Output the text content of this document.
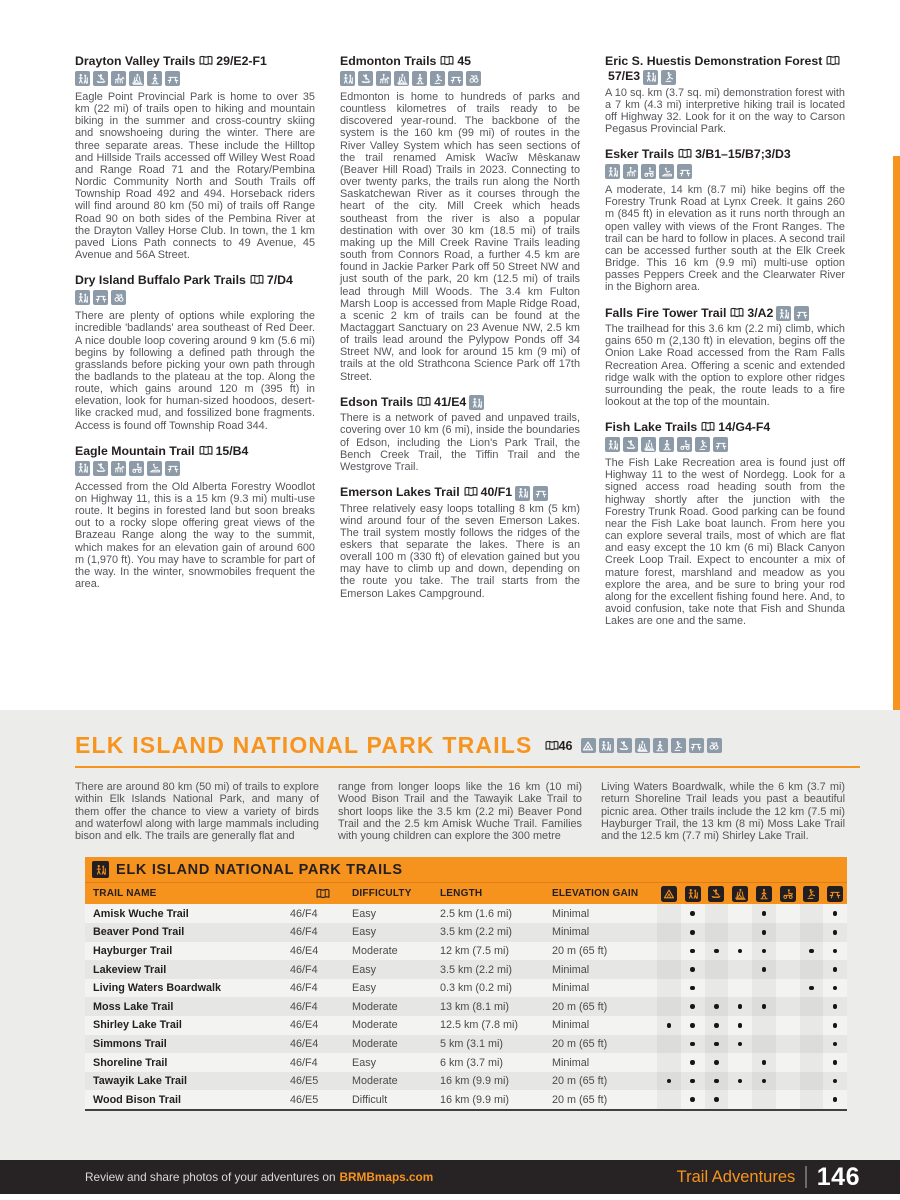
Drayton Valley Trails 29/E2-F1

Eagle Point Provincial Park is home to over 35 km (22 mi) of trails open to hiking and mountain biking in the summer and cross-country skiing and snowshoeing during the winter. There are three separate areas. These include the Hilltop and Hillside Trails accessed off Willey West Road and Range Road 71 and the Rotary/Pembina Nordic Community North and South Trails off Township Road 492 and 494. Horseback riders will find around 80 km (50 mi) of trails off Range Road 90 on both sides of the Pembina River at the Drayton Valley Horse Club. In town, the 1 km paved Lions Path connects to 49 Avenue, 45 Avenue and 56A Street.

Dry Island Buffalo Park Trails 7/D4

There are plenty of options while exploring the incredible 'badlands' area southeast of Red Deer. A nice double loop covering around 9 km (5.6 mi) begins by following a defined path through the grasslands before picking your own path through the badlands to the plateau at the top. Along the route, which gains around 120 m (395 ft) in elevation, look for human-sized hoodoos, desert-like cracked mud, and fossilized bone fragments. Access is found off Township Road 344.

Eagle Mountain Trail 15/B4

Accessed from the Old Alberta Forestry Woodlot on Highway 11, this is a 15 km (9.3 mi) multi-use route. It begins in forested land but soon breaks out to a rocky slope offering great views of the Brazeau Range along the way to the summit, which makes for an elevation gain of around 600 m (1,970 ft). You may have to scramble for part of the way. In the winter, snowmobiles frequent the area.

Edmonton Trails 45

Edmonton is home to hundreds of parks and countless kilometres of trails ready to be discovered year-round. The backbone of the system is the 160 km (99 mi) of routes in the River Valley System which has seen sections of the trail renamed Amisk Wacîw Mêskanaw (Beaver Hill Road) Trails in 2023. Connecting to over twenty parks, the trails run along the North Saskatchewan River as it courses through the heart of the city. Mill Creek which heads southeast from the river is also a popular destination with over 30 km (18.5 mi) of trails making up the Mill Creek Ravine Trails leading south from Connors Road, a further 4.5 km are found in Jackie Parker Park off 50 Street NW and just south of the park, 20 km (12.5 mi) of trails lead through Mill Woods. The 3.4 km Fulton Marsh Loop is accessed from Maple Ridge Road, a scenic 2 km of trails can be found at the Mactaggart Sanctuary on 23 Avenue NW, 2.5 km of trails lead around the Pylypow Ponds off 34 Street NW, and look for around 15 km (9 mi) of trails at the old Strathcona Science Park off 17th Street.

Edson Trails 41/E4

There is a network of paved and unpaved trails, covering over 10 km (6 mi), inside the boundaries of Edson, including the Lion's Park Trail, the Bench Creek Trail, the Tiffin Trail and the Westgrove Trail.

Emerson Lakes Trail 40/F1

Three relatively easy loops totalling 8 km (5 km) wind around four of the seven Emerson Lakes. The trail system mostly follows the ridges of the eskers that separate the lakes. There is an overall 100 m (330 ft) of elevation gained but you may have to climb up and down, depending on the route you take. The trail starts from the Emerson Lakes Campground.

Eric S. Huestis Demonstration Forest57/E3

A 10 sq. km (3.7 sq. mi) demonstration forest with a 7 km (4.3 mi) interpretive hiking trail is located off Highway 32. Look for it on the way to Carson Pegasus Provincial Park.

Esker Trails 3/B1–15/B7;3/D3

A moderate, 14 km (8.7 mi) hike begins off the Forestry Trunk Road at Lynx Creek. It gains 260 m (845 ft) in elevation as it runs north through an open valley with views of the Front Ranges. The trail can be hard to follow in places. A second trail can be accessed further south at the Elk Creek Bridge. This 16 km (9.9 mi) multi-use option passes Peppers Creek and the Clearwater River in the Bighorn area.

Falls Fire Tower Trail 3/A2

The trailhead for this 3.6 km (2.2 mi) climb, which gains 650 m (2,130 ft) in elevation, begins off the Onion Lake Road accessed from the Ram Falls Recreation Area. Offering a scenic and extended ridge walk with the option to explore other ridges surrounding the peak, the route leads to a fire lookout at the top of the mountain.

Fish Lake Trails 14/G4-F4

The Fish Lake Recreation area is found just off Highway 11 to the west of Nordegg. Look for a signed access road heading south from the highway shortly after the junction with the Forestry Trunk Road. Good parking can be found near the Fish Lake boat launch. From here you can explore several trails, most of which are flat and easy except the 10 km (6 mi) Black Canyon Creek Loop Trail. Expect to encounter a mix of mature forest, marshland and meadow as you explore the area, and be sure to bring your rod along for the excellent fishing found here. And, to avoid confusion, take note that Fish and Shunda Lakes are one and the same.

ELK ISLAND NATIONAL PARK TRAILS 46
There are around 80 km (50 mi) of trails to explore within Elk Islands National Park, and many of them offer the chance to view a variety of birds and waterfowl along with large mammals including bison and elk. The trails are generally flat and
range from longer loops like the 16 km (10 mi) Wood Bison Trail and the Tawayik Lake Trail to short loops like the 3.5 km (2.2 mi) Beaver Pond Trail and the 2.5 km Amisk Wuche Trail. Families with young children can explore the 300 metre
Living Waters Boardwalk, while the 6 km (3.7 mi) return Shoreline Trail leads you past a beautiful picnic area. Other trails include the 12 km (7.5 mi) Hayburger Trail, the 13 km (8 mi) Moss Lake Trail and the 12.5 km (7.7 mi) Shirley Lake Trail.
ELK ISLAND NATIONAL PARK TRAILS
TRAIL NAME	DIFFICULTY	LENGTH	ELEVATION GAIN
Amisk Wuche Trail	46/F4	Easy	2.5 km (1.6 mi)	Minimal
Beaver Pond Trail	46/F4	Easy	3.5 km (2.2 mi)	Minimal
Hayburger Trail	46/E4	Moderate	12 km (7.5 mi)	20 m (65 ft)
Lakeview Trail	46/F4	Easy	3.5 km (2.2 mi)	Minimal
Living Waters Boardwalk	46/F4	Easy	0.3 km (0.2 mi)	Minimal
Moss Lake Trail	46/F4	Moderate	13 km (8.1 mi)	20 m (65 ft)
Shirley Lake Trail	46/E4	Moderate	12.5 km (7.8 mi)	Minimal
Simmons Trail	46/E4	Moderate	5 km (3.1 mi)	20 m (65 ft)
Shoreline Trail	46/F4	Easy	6 km (3.7 mi)	Minimal
Tawayik Lake Trail	46/E5	Moderate	16 km (9.9 mi)	20 m (65 ft)
Wood Bison Trail	46/E5	Difficult	16 km (9.9 mi)	20 m (65 ft)
Review and share photos of your adventures on BRMBmaps.com	Trail Adventures 146
